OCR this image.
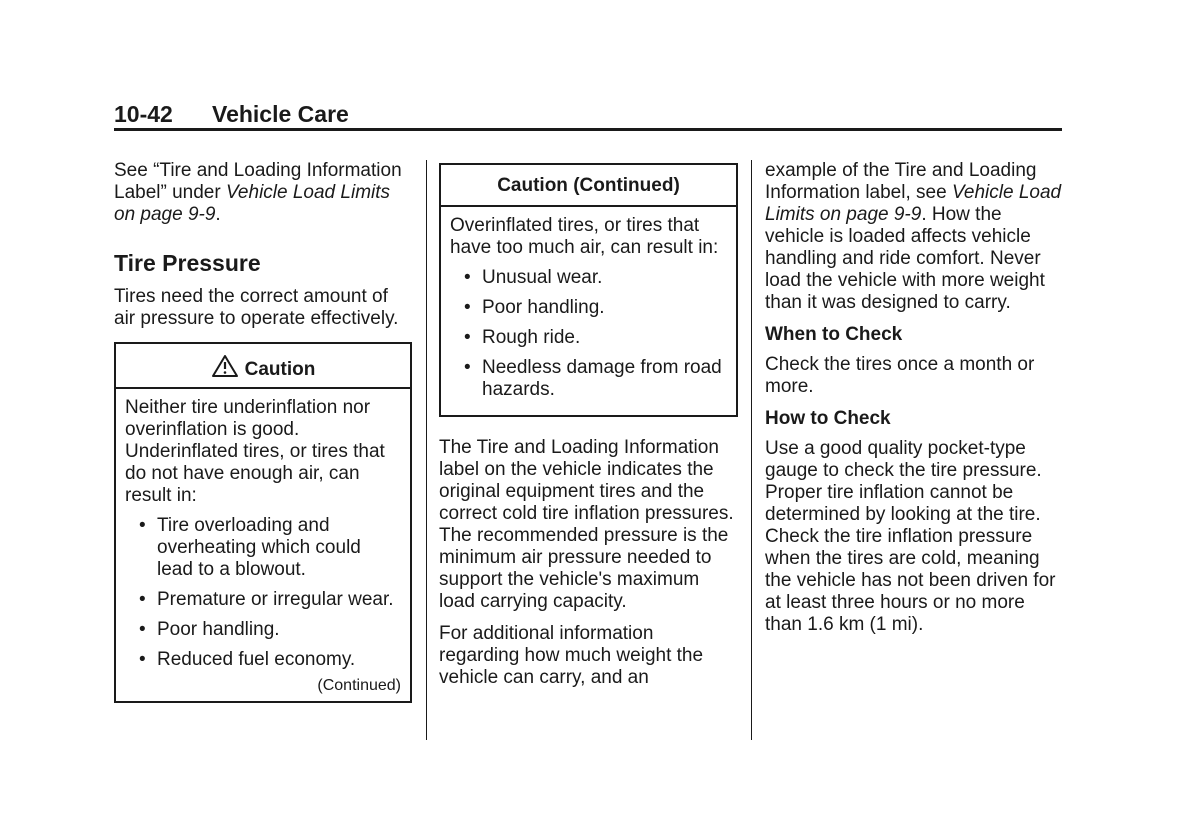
10-42 Vehicle Care

See “Tire and Loading Information Label” under Vehicle Load Limits on page 9-9.

Tire Pressure

Tires need the correct amount of air pressure to operate effectively.

Caution

Neither tire underinflation nor overinflation is good. Underinflated tires, or tires that do not have enough air, can result in:

• Tire overloading and overheating which could lead to a blowout.
• Premature or irregular wear.
• Poor handling.
• Reduced fuel economy.
(Continued)
Caution (Continued)

Overinflated tires, or tires that have too much air, can result in:

• Unusual wear.
• Poor handling.
• Rough ride.
• Needless damage from road hazards.

The Tire and Loading Information label on the vehicle indicates the original equipment tires and the correct cold tire inflation pressures. The recommended pressure is the minimum air pressure needed to support the vehicle's maximum load carrying capacity.

For additional information regarding how much weight the vehicle can carry, and an

example of the Tire and Loading Information label, see Vehicle Load Limits on page 9-9. How the vehicle is loaded affects vehicle handling and ride comfort. Never load the vehicle with more weight than it was designed to carry.

When to Check

Check the tires once a month or more.

How to Check

Use a good quality pocket-type gauge to check the tire pressure. Proper tire inflation cannot be determined by looking at the tire. Check the tire inflation pressure when the tires are cold, meaning the vehicle has not been driven for at least three hours or no more than 1.6 km (1 mi).
